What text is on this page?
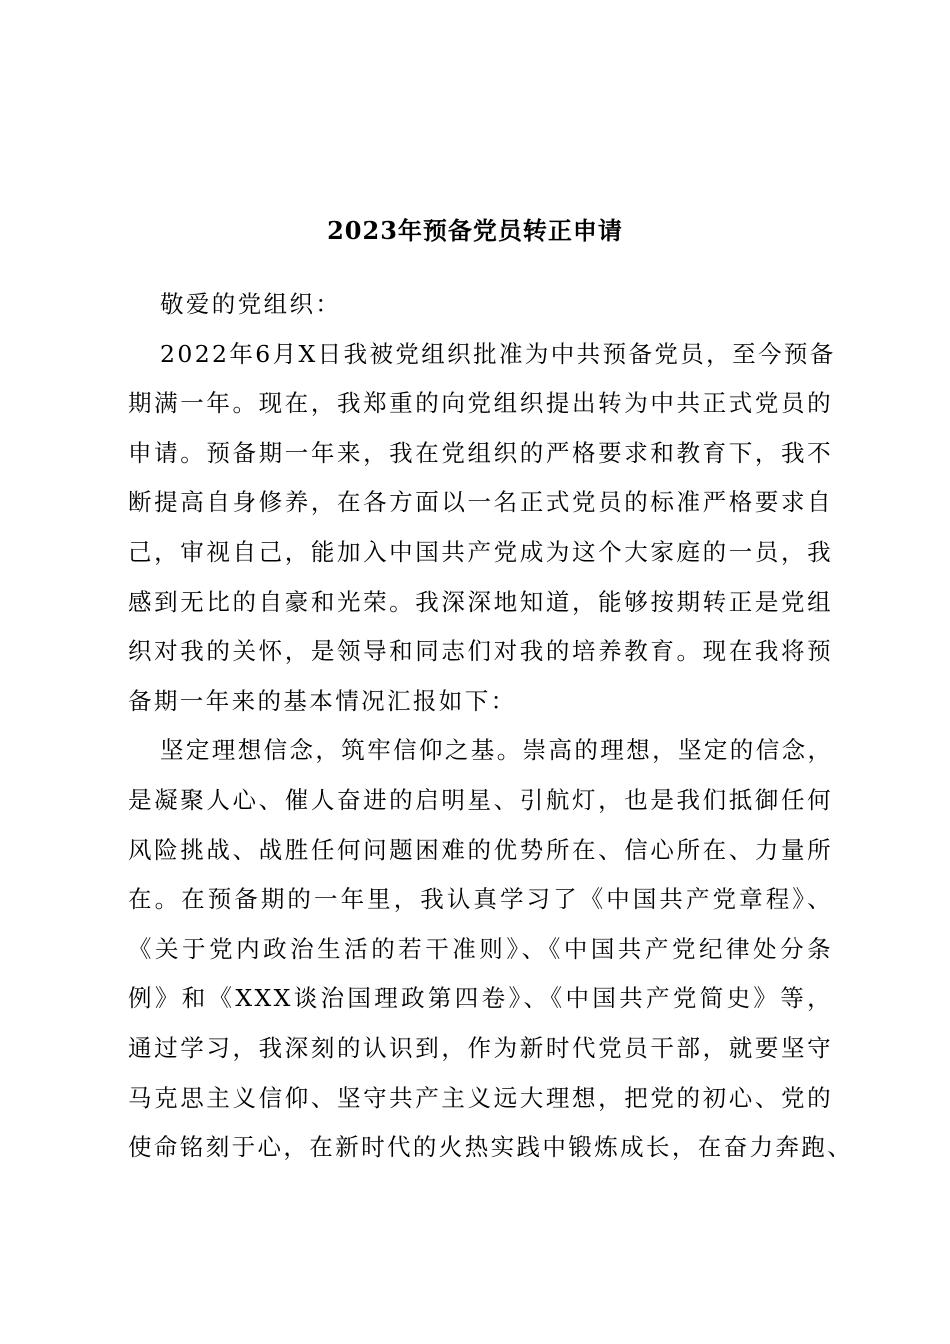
2023年预备党员转正申请
敬爱的党组织：
2022年6月X日我被党组织批准为中共预备党员，至今预备
期满一年。现在，我郑重的向党组织提出转为中共正式党员的
申请。预备期一年来，我在党组织的严格要求和教育下，我不
断提高自身修养，在各方面以一名正式党员的标准严格要求自
己，审视自己，能加入中国共产党成为这个大家庭的一员，我
感到无比的自豪和光荣。我深深地知道，能够按期转正是党组
织对我的关怀，是领导和同志们对我的培养教育。现在我将预
备期一年来的基本情况汇报如下：
坚定理想信念，筑牢信仰之基。崇高的理想，坚定的信念，
是凝聚人心、催人奋进的启明星、引航灯，也是我们抵御任何
风险挑战、战胜任何问题困难的优势所在、信心所在、力量所
在。在预备期的一年里，我认真学习了《中国共产党章程》、
《关于党内政治生活的若干准则》、《中国共产党纪律处分条
例》和《XXX谈治国理政第四卷》、《中国共产党简史》等，
通过学习，我深刻的认识到，作为新时代党员干部，就要坚守
马克思主义信仰、坚守共产主义远大理想，把党的初心、党的
使命铭刻于心，在新时代的火热实践中锻炼成长，在奋力奔跑、
